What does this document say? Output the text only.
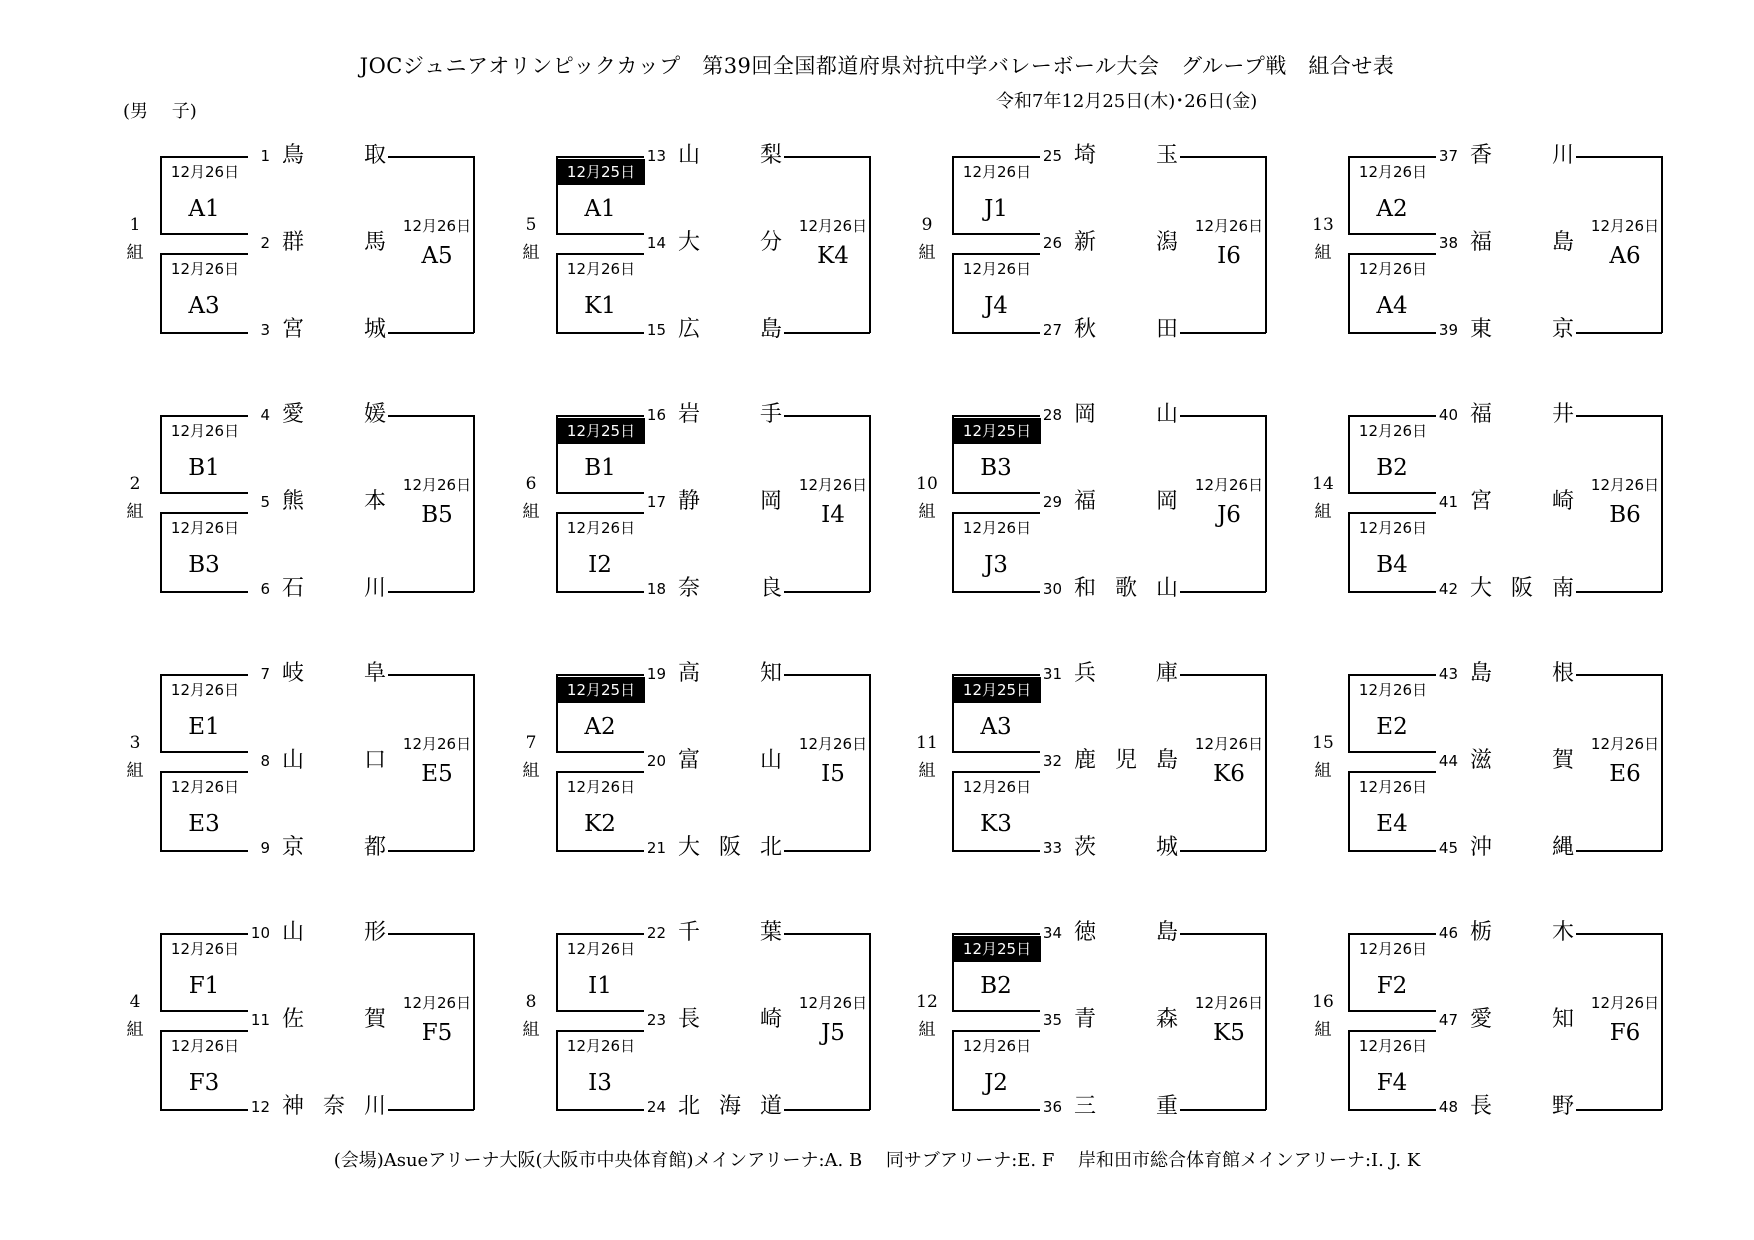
JOCジュニアオリンピックカップ　第39回全国都道府県対抗中学バレーボール大会　グループ戦　組合せ表
令和7年12月25日(木)･26日(金)
(男　 子)
1
組
12月26日
A1
12月26日
A3
1 鳥	取
2 群	馬
3 宮	城
12月26日
A5
2
組
12月26日
B1
12月26日
B3
4 愛	媛
5 熊	本
6 石	川
12月26日
B5
3
組
12月26日
E1
12月26日
E3
7 岐	阜
8 山	口
9 京	都
12月26日
E5
4
組
12月26日
F1
12月26日
F3
10 山	形
11 佐	賀
12 神 奈 川
12月26日
F5
5
組
12月25日
A1
12月26日
K1
13 山	梨
14 大	分
15 広	島
12月26日
K4
6
組
12月25日
B1
12月26日
I2
16 岩	手
17 静	岡
18 奈	良
12月26日
I4
7
組
12月25日
A2
12月26日
K2
19 高	知
20 富	山
21 大 阪 北
12月26日
I5
8
組
12月26日
I1
12月26日
I3
22 千	葉
23 長	崎
24 北 海 道
12月26日
J5
9
組
12月26日
J1
12月26日
J4
25 埼	玉
26 新	潟
27 秋	田
12月26日
I6
10
組
12月25日
B3
12月26日
J3
28 岡	山
29 福	岡
30 和 歌 山
12月26日
J6
11
組
12月25日
A3
12月26日
K3
31 兵	庫
32 鹿 児 島
33 茨	城
12月26日
K6
12
組
12月25日
B2
12月26日
J2
34 徳	島
35 青	森
36 三	重
12月26日
K5
13
組
12月26日
A2
12月26日
A4
37 香	川
38 福	島
39 東	京
12月26日
A6
14
組
12月26日
B2
12月26日
B4
40 福	井
41 宮	崎
42 大 阪 南
12月26日
B6
15
組
12月26日
E2
12月26日
E4
43 島	根
44 滋	賀
45 沖	縄
12月26日
E6
16
組
12月26日
F2
12月26日
F4
46 栃	木
47 愛	知
48 長	野
12月26日
F6
(会場)Asueアリーナ大阪(大阪市中央体育館)メインアリーナ:A. B　 同サブアリーナ:E. F　 岸和田市総合体育館メインアリーナ:I. J. K
